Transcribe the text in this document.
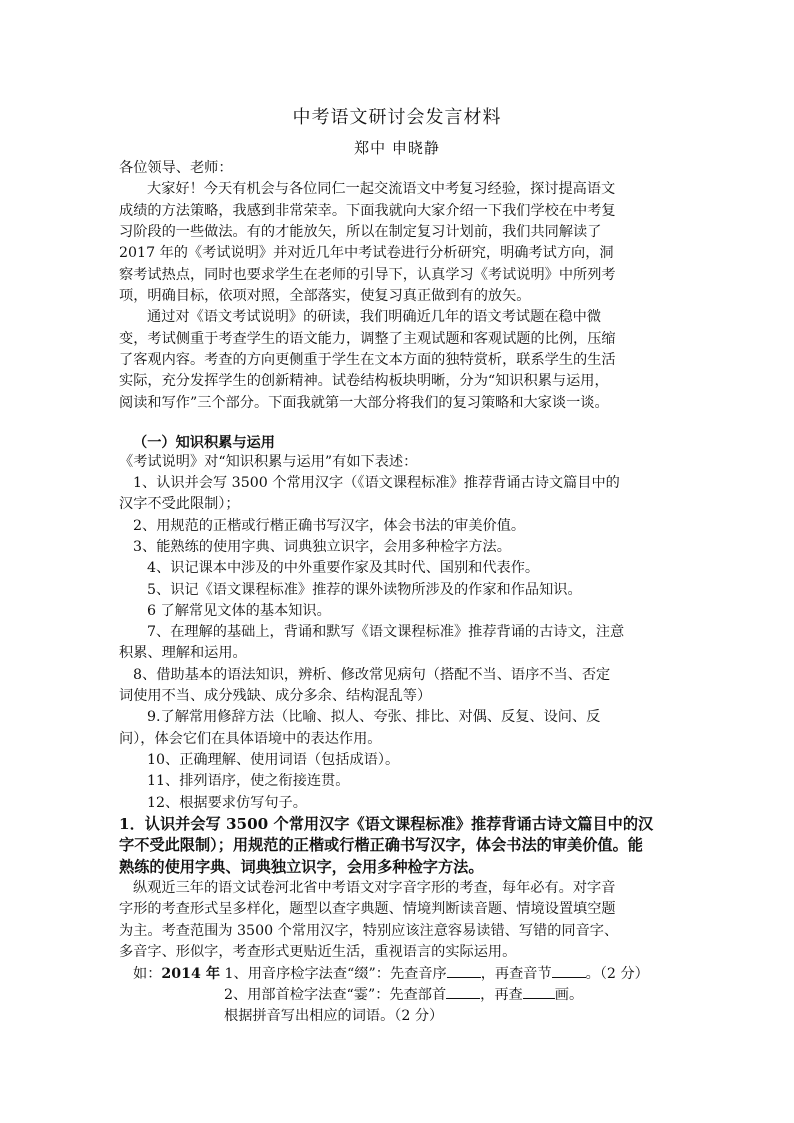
中考语文研讨会发言材料
郑中 申晓静
各位领导、老师：
大家好！今天有机会与各位同仁一起交流语文中考复习经验，探讨提高语文
成绩的方法策略，我感到非常荣幸。下面我就向大家介绍一下我们学校在中考复
习阶段的一些做法。有的才能放矢，所以在制定复习计划前，我们共同解读了
2017 年的《考试说明》并对近几年中考试卷进行分析研究，明确考试方向，洞
察考试热点，同时也要求学生在老师的引导下，认真学习《考试说明》中所列考
项，明确目标，依项对照，全部落实，使复习真正做到有的放矢。
通过对《语文考试说明》的研读，我们明确近几年的语文考试题在稳中微
变，考试侧重于考查学生的语文能力，调整了主观试题和客观试题的比例，压缩
了客观内容。考查的方向更侧重于学生在文本方面的独特赏析，联系学生的生活
实际，充分发挥学生的创新精神。试卷结构板块明晰，分为“知识积累与运用，
阅读和写作”三个部分。下面我就第一大部分将我们的复习策略和大家谈一谈。
（一）知识积累与运用
《考试说明》对“知识积累与运用”有如下表述：
1、认识并会写 3500 个常用汉字（《语文课程标准》推荐背诵古诗文篇目中的
汉字不受此限制）；
2、用规范的正楷或行楷正确书写汉字，体会书法的审美价值。
3、能熟练的使用字典、词典独立识字，会用多种检字方法。
4、识记课本中涉及的中外重要作家及其时代、国别和代表作。
5、识记《语文课程标准》推荐的课外读物所涉及的作家和作品知识。
6 了解常见文体的基本知识。
7、在理解的基础上，背诵和默写《语文课程标准》推荐背诵的古诗文，注意
积累、理解和运用。
8、借助基本的语法知识，辨析、修改常见病句（搭配不当、语序不当、否定
词使用不当、成分残缺、成分多余、结构混乱等）
9.了解常用修辞方法（比喻、拟人、夸张、排比、对偶、反复、设问、反
问），体会它们在具体语境中的表达作用。
10、正确理解、使用词语（包括成语）。
11、排列语序，使之衔接连贯。
12、根据要求仿写句子。
1．认识并会写 3500 个常用汉字《语文课程标准》推荐背诵古诗文篇目中的汉
字不受此限制）；用规范的正楷或行楷正确书写汉字，体会书法的审美价值。能
熟练的使用字典、词典独立识字，会用多种检字方法。
纵观近三年的语文试卷河北省中考语文对字音字形的考查，每年必有。对字音
字形的考查形式呈多样化，题型以查字典题、情境判断读音题、情境设置填空题
为主。考查范围为 3500 个常用汉字，特别应该注意容易读错、写错的同音字、
多音字、形似字，考查形式更贴近生活，重视语言的实际运用。
如：2014 年 1、用音序检字法查“缀”：先查音序 ，再查音节 。（2 分）
2、用部首检字法查“霎”：先查部首 ，再查 画。
根据拼音写出相应的词语。（2 分）
